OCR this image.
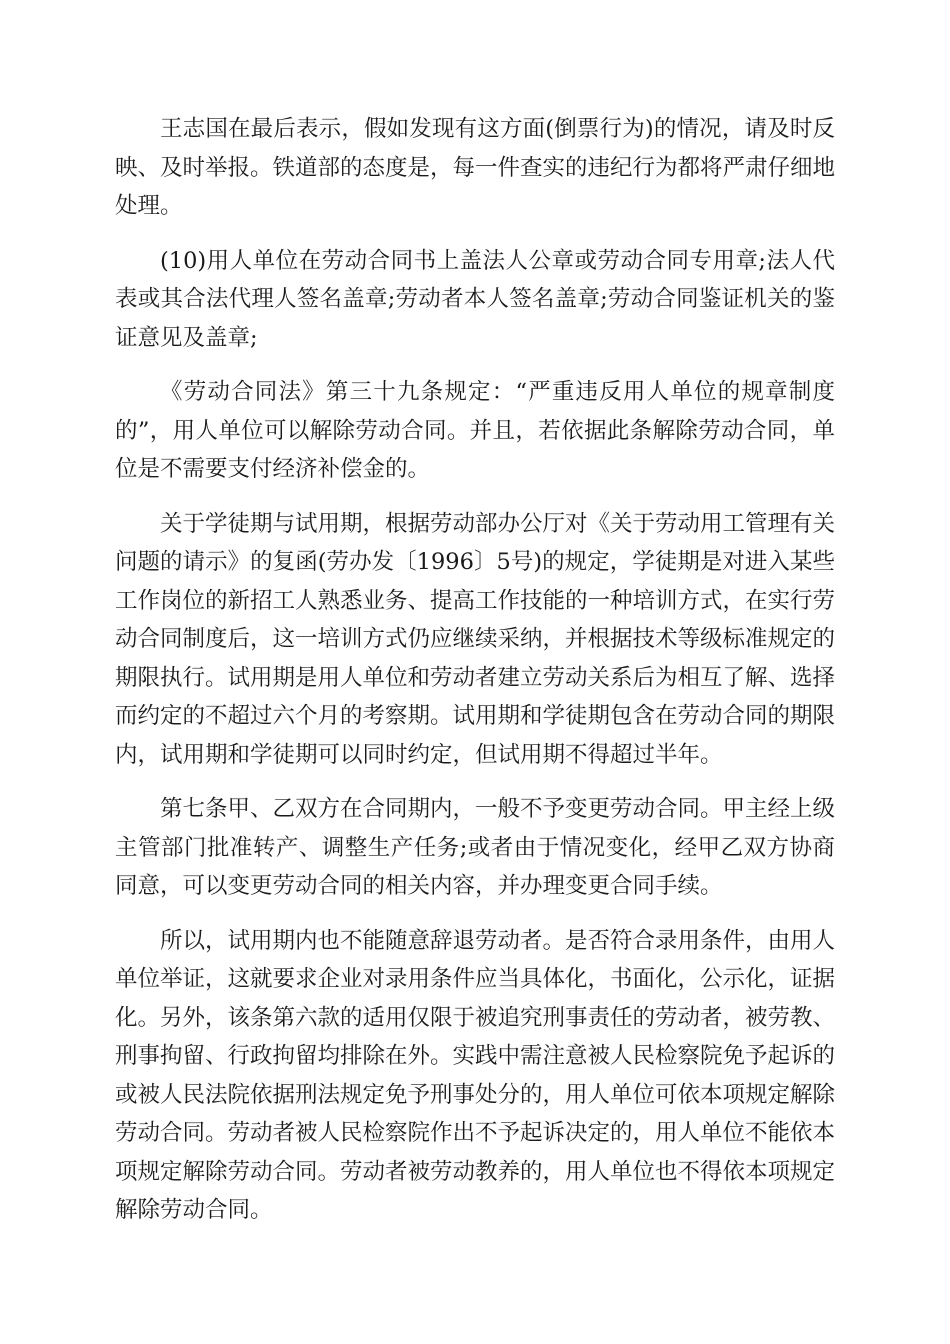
王志国在最后表示，假如发现有这方面(倒票行为)的情况，请及时反映、及时举报。铁道部的态度是，每一件查实的违纪行为都将严肃仔细地处理。

(10)用人单位在劳动合同书上盖法人公章或劳动合同专用章;法人代表或其合法代理人签名盖章;劳动者本人签名盖章;劳动合同鉴证机关的鉴证意见及盖章;

《劳动合同法》第三十九条规定：“严重违反用人单位的规章制度的”，用人单位可以解除劳动合同。并且，若依据此条解除劳动合同，单位是不需要支付经济补偿金的。

关于学徒期与试用期，根据劳动部办公厅对《关于劳动用工管理有关问题的请示》的复函(劳办发〔1996〕5号)的规定，学徒期是对进入某些工作岗位的新招工人熟悉业务、提高工作技能的一种培训方式，在实行劳动合同制度后，这一培训方式仍应继续采纳，并根据技术等级标准规定的期限执行。试用期是用人单位和劳动者建立劳动关系后为相互了解、选择而约定的不超过六个月的考察期。试用期和学徒期包含在劳动合同的期限内，试用期和学徒期可以同时约定，但试用期不得超过半年。

第七条甲、乙双方在合同期内，一般不予变更劳动合同。甲主经上级主管部门批准转产、调整生产任务;或者由于情况变化，经甲乙双方协商同意，可以变更劳动合同的相关内容，并办理变更合同手续。

所以，试用期内也不能随意辞退劳动者。是否符合录用条件，由用人单位举证，这就要求企业对录用条件应当具体化，书面化，公示化，证据化。另外，该条第六款的适用仅限于被追究刑事责任的劳动者，被劳教、刑事拘留、行政拘留均排除在外。实践中需注意被人民检察院免予起诉的或被人民法院依据刑法规定免予刑事处分的，用人单位可依本项规定解除劳动合同。劳动者被人民检察院作出不予起诉决定的，用人单位不能依本项规定解除劳动合同。劳动者被劳动教养的，用人单位也不得依本项规定解除劳动合同。
